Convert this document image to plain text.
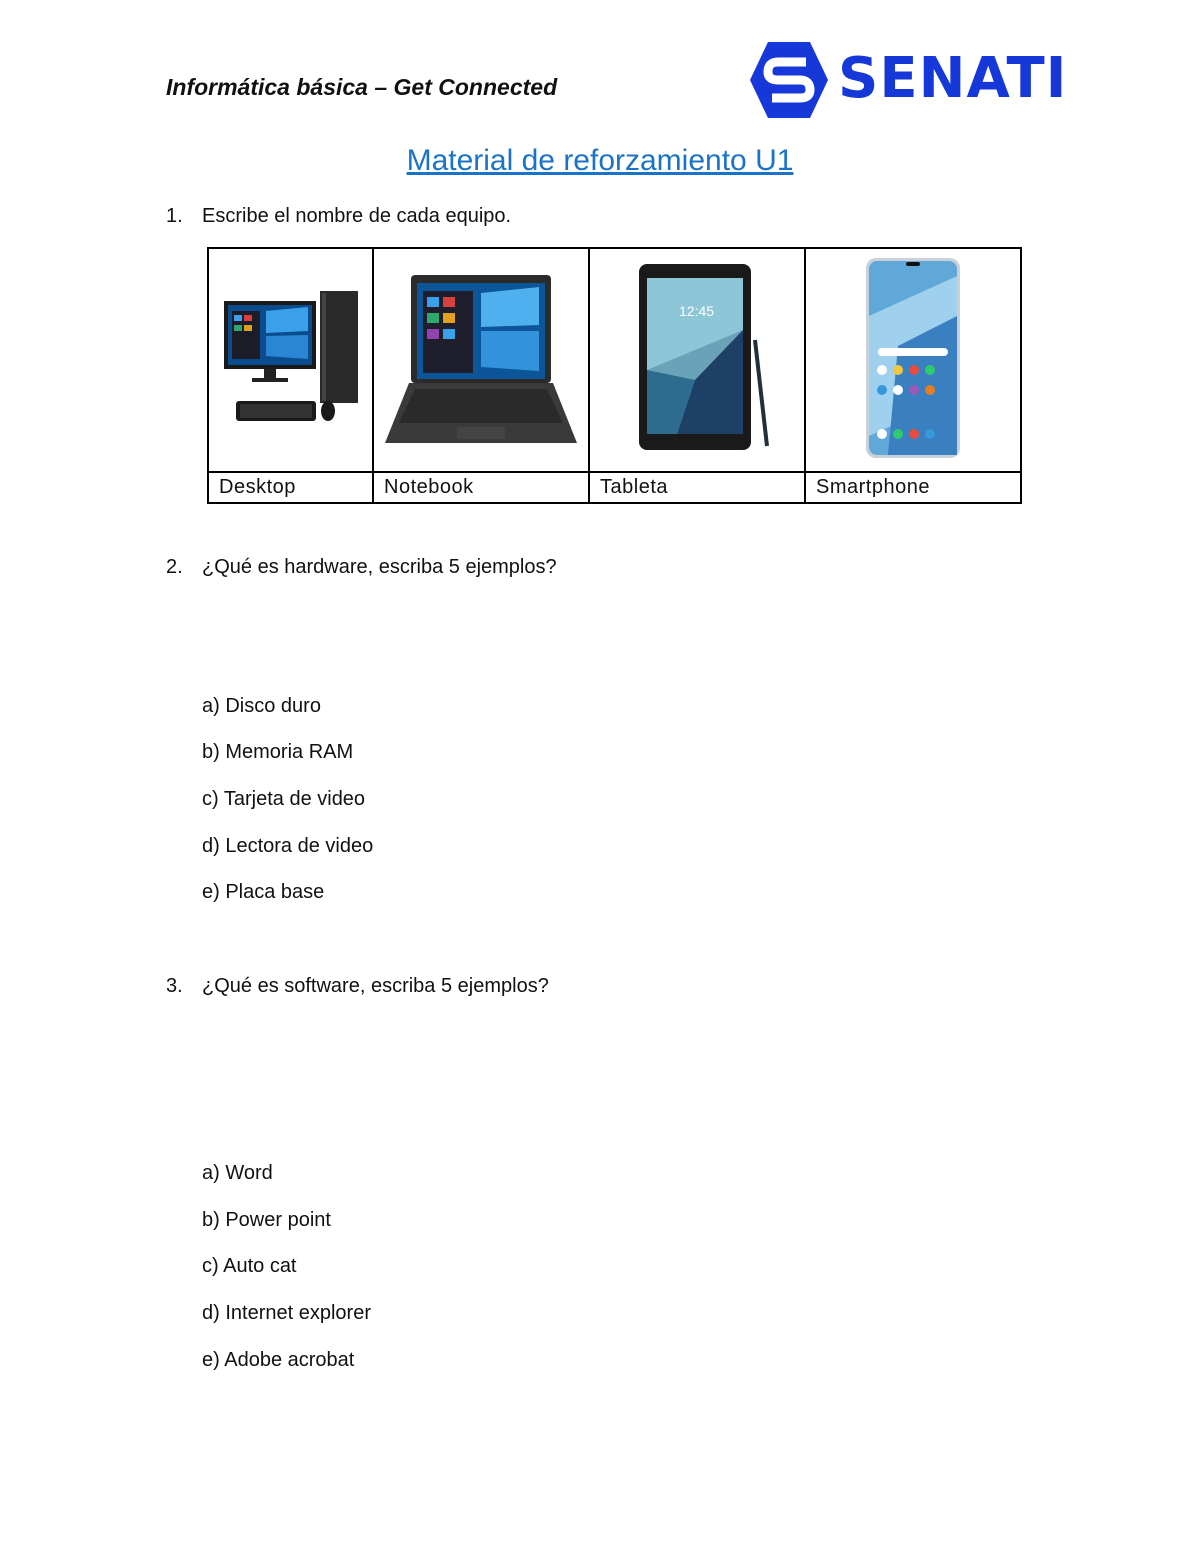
Informática básica – Get Connected	SENATI
Material de reforzamiento U1
1. Escribe el nombre de cada equipo.

12:45

Desktop	Notebook	Tableta	Smartphone
2. ¿Qué es hardware, escriba 5 ejemplos?
a) Disco duro
b) Memoria RAM
c) Tarjeta de video
d) Lectora de video
e) Placa base
3. ¿Qué es software, escriba 5 ejemplos?
a) Word
b) Power point
c) Auto cat
d) Internet explorer
e) Adobe acrobat
